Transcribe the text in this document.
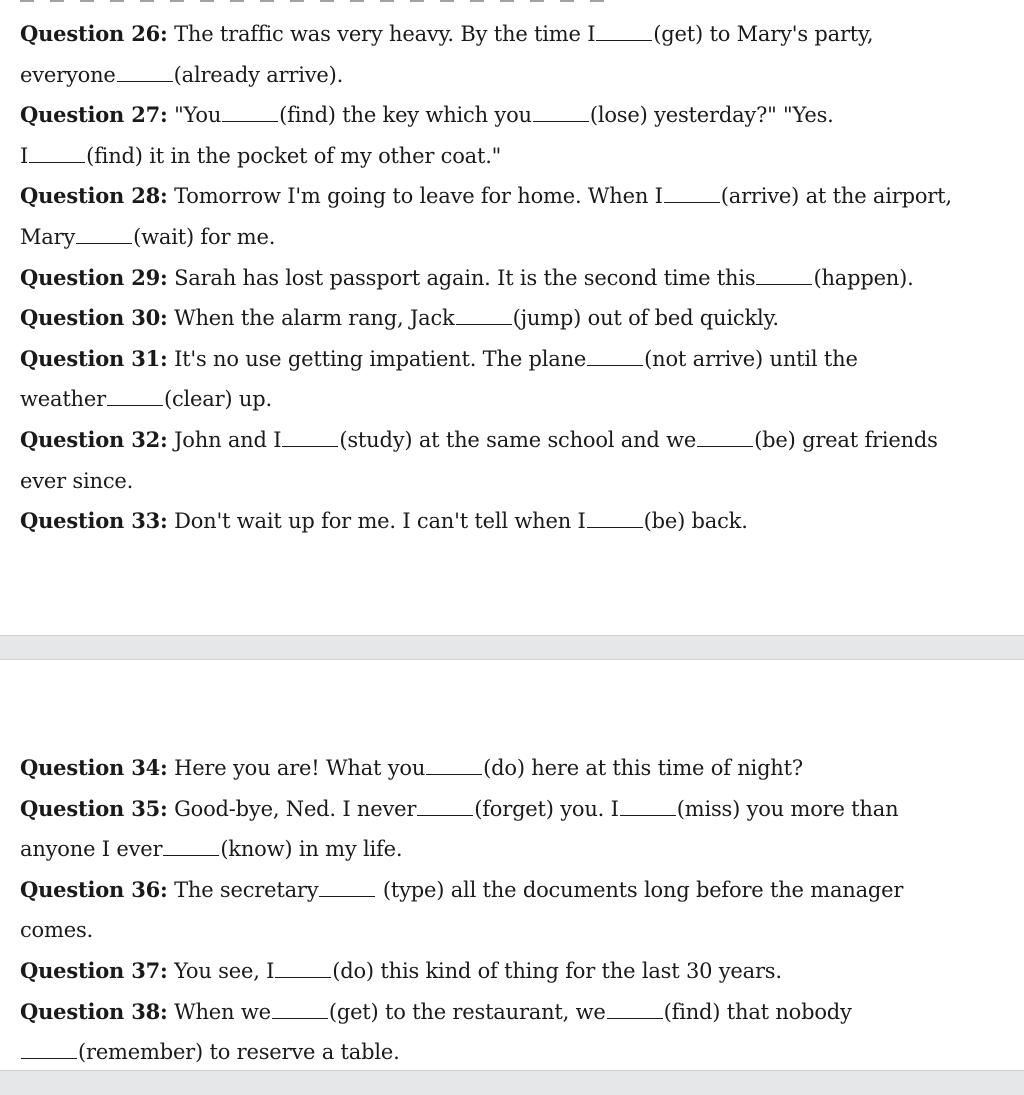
Question 26: The traffic was very heavy. By the time I	(get) to Mary's party,
everyone	(already arrive).
Question 27: "You	(find) the key which you	(lose) yesterday?" "Yes.
I	(find) it in the pocket of my other coat."
Question 28: Tomorrow I'm going to leave for home. When I	(arrive) at the airport,
Mary	(wait) for me.
Question 29: Sarah has lost passport again. It is the second time this	(happen).
Question 30: When the alarm rang, Jack	(jump) out of bed quickly.
Question 31: It's no use getting impatient. The plane	(not arrive) until the
weather	(clear) up.
Question 32: John and I	(study) at the same school and we	(be) great friends
ever since.
Question 33: Don't wait up for me. I can't tell when I	(be) back.
Question 34: Here you are! What you	(do) here at this time of night?
Question 35: Good-bye, Ned. I never	(forget) you. I	(miss) you more than
anyone I ever	(know) in my life.
Question 36: The secretary	(type) all the documents long before the manager
comes.
Question 37: You see, I	(do) this kind of thing for the last 30 years.
Question 38: When we	(get) to the restaurant, we	(find) that nobody
(remember) to reserve a table.
